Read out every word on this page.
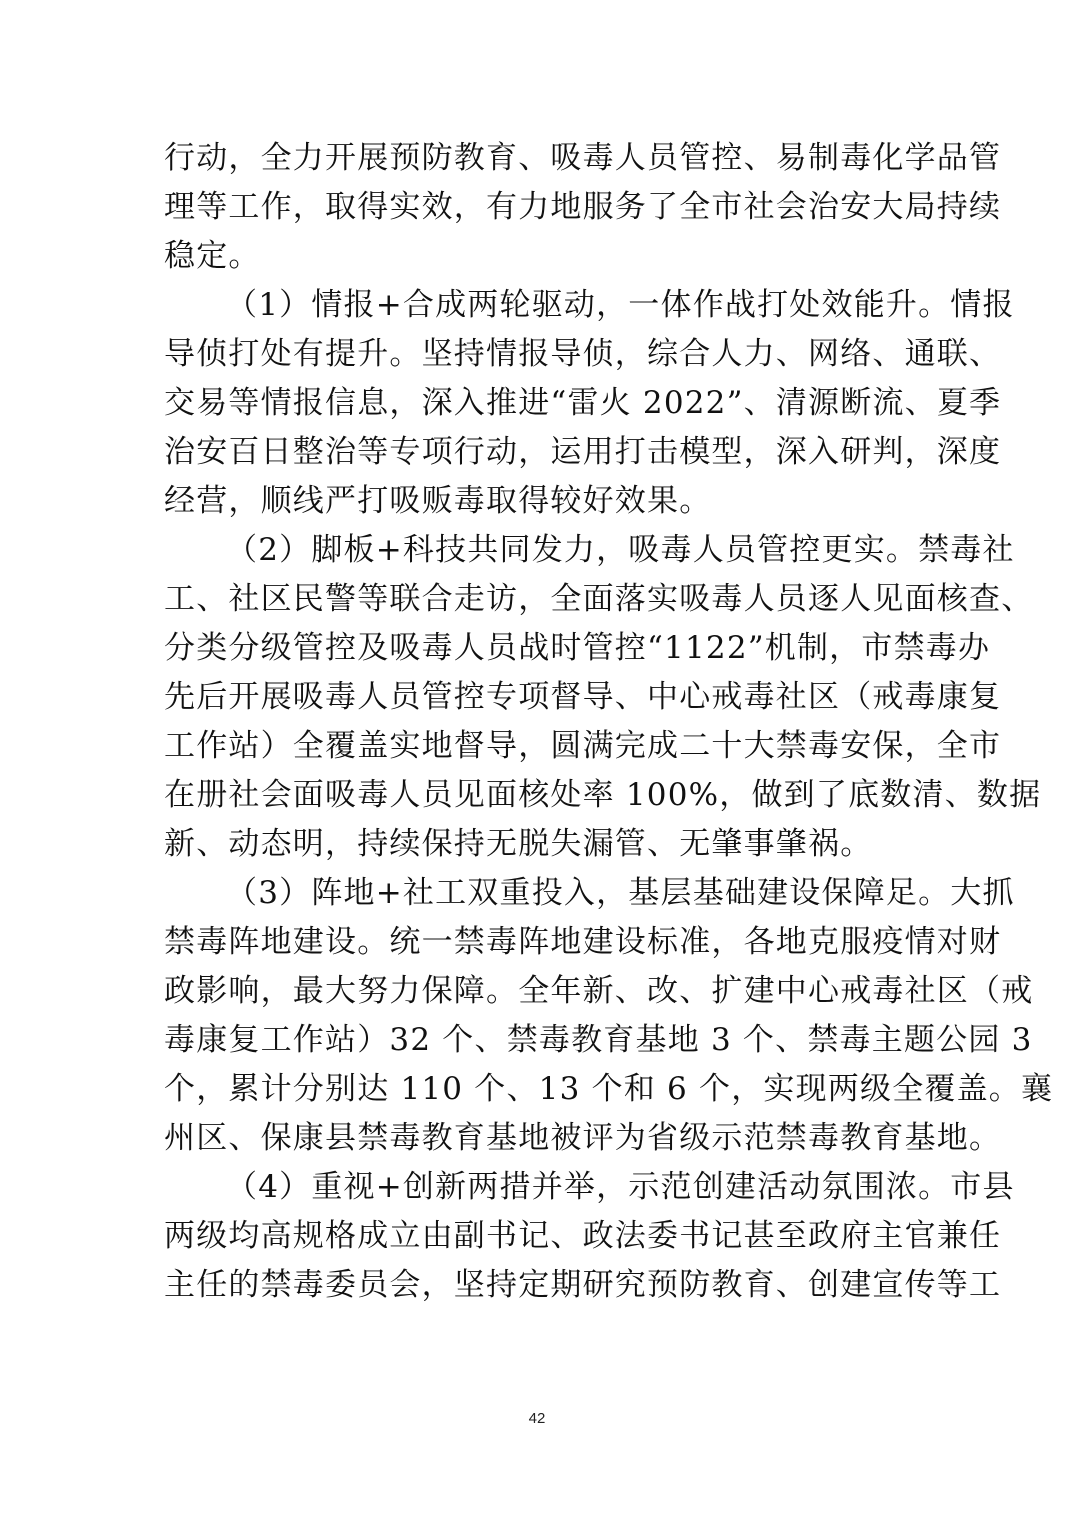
行动，全力开展预防教育、吸毒人员管控、易制毒化学品管
理等工作，取得实效，有力地服务了全市社会治安大局持续
稳定。
（1）情报+合成两轮驱动，一体作战打处效能升。情报
导侦打处有提升。坚持情报导侦，综合人力、网络、通联、
交易等情报信息，深入推进“雷火 2022”、清源断流、夏季
治安百日整治等专项行动，运用打击模型，深入研判，深度
经营，顺线严打吸贩毒取得较好效果。
（2）脚板+科技共同发力，吸毒人员管控更实。禁毒社
工、社区民警等联合走访，全面落实吸毒人员逐人见面核查、
分类分级管控及吸毒人员战时管控“1122”机制，市禁毒办
先后开展吸毒人员管控专项督导、中心戒毒社区（戒毒康复
工作站）全覆盖实地督导，圆满完成二十大禁毒安保，全市
在册社会面吸毒人员见面核处率 100%，做到了底数清、数据
新、动态明，持续保持无脱失漏管、无肇事肇祸。
（3）阵地+社工双重投入，基层基础建设保障足。大抓
禁毒阵地建设。统一禁毒阵地建设标准，各地克服疫情对财
政影响，最大努力保障。全年新、改、扩建中心戒毒社区（戒
毒康复工作站）32 个、禁毒教育基地 3 个、禁毒主题公园 3
个，累计分别达 110 个、13 个和 6 个，实现两级全覆盖。襄
州区、保康县禁毒教育基地被评为省级示范禁毒教育基地。
（4）重视+创新两措并举，示范创建活动氛围浓。市县
两级均高规格成立由副书记、政法委书记甚至政府主官兼任
主任的禁毒委员会，坚持定期研究预防教育、创建宣传等工
42
